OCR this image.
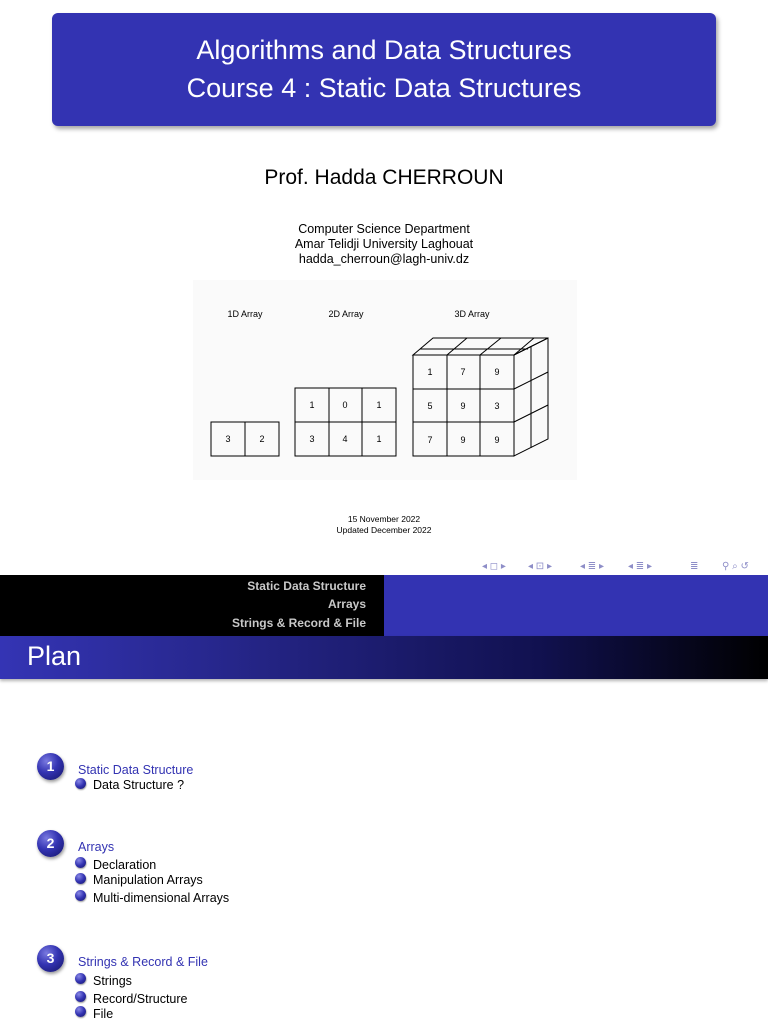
Algorithms and Data Structures
Course 4 : Static Data Structures
Prof. Hadda CHERROUN
Computer Science Department
Amar Telidji University Laghouat
hadda_cherroun@lagh-univ.dz
1D Array	2D Array	3D Array
3	2
1	0	1
3	4	1
1	7	9
5	9	3
7	9	9
15 November 2022
Updated December 2022
◂ ◻ ▸ ◂ ⊡ ▸	◂ ≣ ▸ ◂ ≣ ▸	≣ ⚲ ⌕ ↺
Static Data Structure
Arrays
Strings & Record & File
Plan
1	Static Data Structure
Data Structure ?
2	Arrays
Declaration
Manipulation Arrays
Multi-dimensional Arrays
3	Strings & Record & File
Strings
Record/Structure
File
